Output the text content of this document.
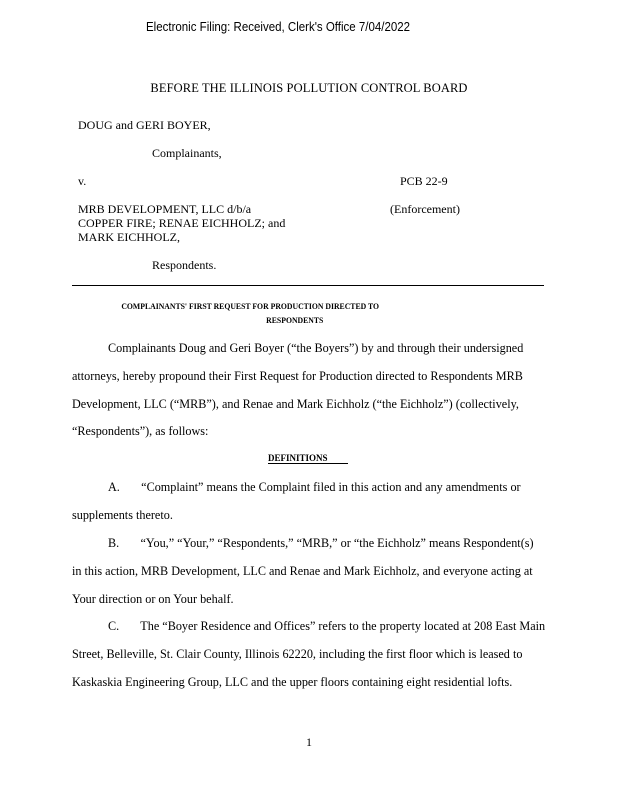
Electronic Filing: Received, Clerk's Office 7/04/2022
BEFORE THE ILLINOIS POLLUTION CONTROL BOARD
DOUG and GERI BOYER,
Complainants,
v.	PCB 22-9
MRB DEVELOPMENT, LLC d/b/a
COPPER FIRE; RENAE EICHHOLZ; and
MARK EICHHOLZ,
(Enforcement)
Respondents.
COMPLAINANTS' FIRST REQUEST FOR PRODUCTION DIRECTED TO
RESPONDENTS
Complainants Doug and Geri Boyer (“the Boyers”) by and through their undersigned
attorneys, hereby propound their First Request for Production directed to Respondents MRB
Development, LLC (“MRB”), and Renae and Mark Eichholz (“the Eichholz”) (collectively,
“Respondents”), as follows:
DEFINITIONS
A.       “Complaint” means the Complaint filed in this action and any amendments or
supplements thereto.
B.       “You,” “Your,” “Respondents,” “MRB,” or “the Eichholz” means Respondent(s)
in this action, MRB Development, LLC and Renae and Mark Eichholz, and everyone acting at
Your direction or on Your behalf.
C.       The “Boyer Residence and Offices” refers to the property located at 208 East Main
Street, Belleville, St. Clair County, Illinois 62220, including the first floor which is leased to
Kaskaskia Engineering Group, LLC and the upper floors containing eight residential lofts.
1
